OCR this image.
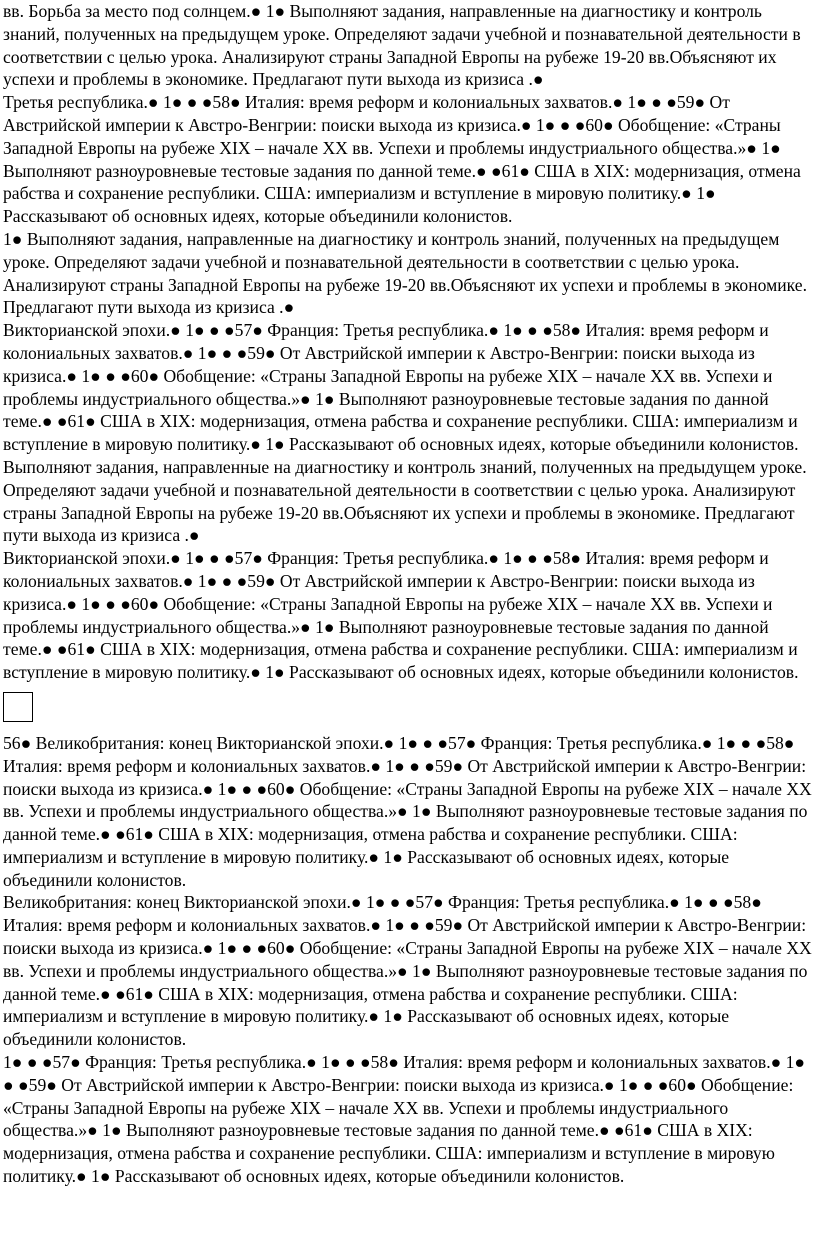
вв. Борьба за место под солнцем.● 1● Выполняют задания, направленные на диагностику и контроль знаний, полученных на предыдущем уроке. Определяют задачи учебной и познавательной деятельности в соответствии с целью урока. Анализируют страны Западной Европы на рубеже 19-20 вв.Объясняют их успехи и проблемы в экономике. Предлагают пути выхода из кризиса .●

Третья республика.● 1● ● ●58● Италия: время реформ и колониальных захватов.● 1● ● ●59● От Австрийской империи к Австро-Венгрии: поиски выхода из кризиса.● 1● ● ●60● Обобщение: «Страны Западной Европы на рубеже XIX – начале XX вв. Успехи и проблемы индустриального общества.»● 1● Выполняют разноуровневые тестовые задания по данной теме.● ●61● США в XIX: модернизация, отмена рабства и сохранение республики. США: империализм и вступление в мировую политику.● 1● Рассказывают об основных идеях, которые объединили колонистов.

1● Выполняют задания, направленные на диагностику и контроль знаний, полученных на предыдущем уроке. Определяют задачи учебной и познавательной деятельности в соответствии с целью урока. Анализируют страны Западной Европы на рубеже 19-20 вв.Объясняют их успехи и проблемы в экономике. Предлагают пути выхода из кризиса .●

Викторианской эпохи.● 1● ● ●57● Франция: Третья республика.● 1● ● ●58● Италия: время реформ и колониальных захватов.● 1● ● ●59● От Австрийской империи к Австро-Венгрии: поиски выхода из кризиса.● 1● ● ●60● Обобщение: «Страны Западной Европы на рубеже XIX – начале XX вв. Успехи и проблемы индустриального общества.»● 1● Выполняют разноуровневые тестовые задания по данной теме.● ●61● США в XIX: модернизация, отмена рабства и сохранение республики. США: империализм и вступление в мировую политику.● 1● Рассказывают об основных идеях, которые объединили колонистов.

Выполняют задания, направленные на диагностику и контроль знаний, полученных на предыдущем уроке. Определяют задачи учебной и познавательной деятельности в соответствии с целью урока. Анализируют страны Западной Европы на рубеже 19-20 вв.Объясняют их успехи и проблемы в экономике. Предлагают пути выхода из кризиса .●

Викторианской эпохи.● 1● ● ●57● Франция: Третья республика.● 1● ● ●58● Италия: время реформ и колониальных захватов.● 1● ● ●59● От Австрийской империи к Австро-Венгрии: поиски выхода из кризиса.● 1● ● ●60● Обобщение: «Страны Западной Европы на рубеже XIX – начале XX вв. Успехи и проблемы индустриального общества.»● 1● Выполняют разноуровневые тестовые задания по данной теме.● ●61● США в XIX: модернизация, отмена рабства и сохранение республики. США: империализм и вступление в мировую политику.● 1● Рассказывают об основных идеях, которые объединили колонистов.

56● Великобритания: конец Викторианской эпохи.● 1● ● ●57● Франция: Третья республика.● 1● ● ●58● Италия: время реформ и колониальных захватов.● 1● ● ●59● От Австрийской империи к Австро-Венгрии: поиски выхода из кризиса.● 1● ● ●60● Обобщение: «Страны Западной Европы на рубеже XIX – начале XX вв. Успехи и проблемы индустриального общества.»● 1● Выполняют разноуровневые тестовые задания по данной теме.● ●61● США в XIX: модернизация, отмена рабства и сохранение республики. США: империализм и вступление в мировую политику.● 1● Рассказывают об основных идеях, которые объединили колонистов.

Великобритания: конец Викторианской эпохи.● 1● ● ●57● Франция: Третья республика.● 1● ● ●58● Италия: время реформ и колониальных захватов.● 1● ● ●59● От Австрийской империи к Австро-Венгрии: поиски выхода из кризиса.● 1● ● ●60● Обобщение: «Страны Западной Европы на рубеже XIX – начале XX вв. Успехи и проблемы индустриального общества.»● 1● Выполняют разноуровневые тестовые задания по данной теме.● ●61● США в XIX: модернизация, отмена рабства и сохранение республики. США: империализм и вступление в мировую политику.● 1● Рассказывают об основных идеях, которые объединили колонистов.

1● ● ●57● Франция: Третья республика.● 1● ● ●58● Италия: время реформ и колониальных захватов.● 1● ● ●59● От Австрийской империи к Австро-Венгрии: поиски выхода из кризиса.● 1● ● ●60● Обобщение: «Страны Западной Европы на рубеже XIX – начале XX вв. Успехи и проблемы индустриального общества.»● 1● Выполняют разноуровневые тестовые задания по данной теме.● ●61● США в XIX: модернизация, отмена рабства и сохранение республики. США: империализм и вступление в мировую политику.● 1● Рассказывают об основных идеях, которые объединили колонистов.
